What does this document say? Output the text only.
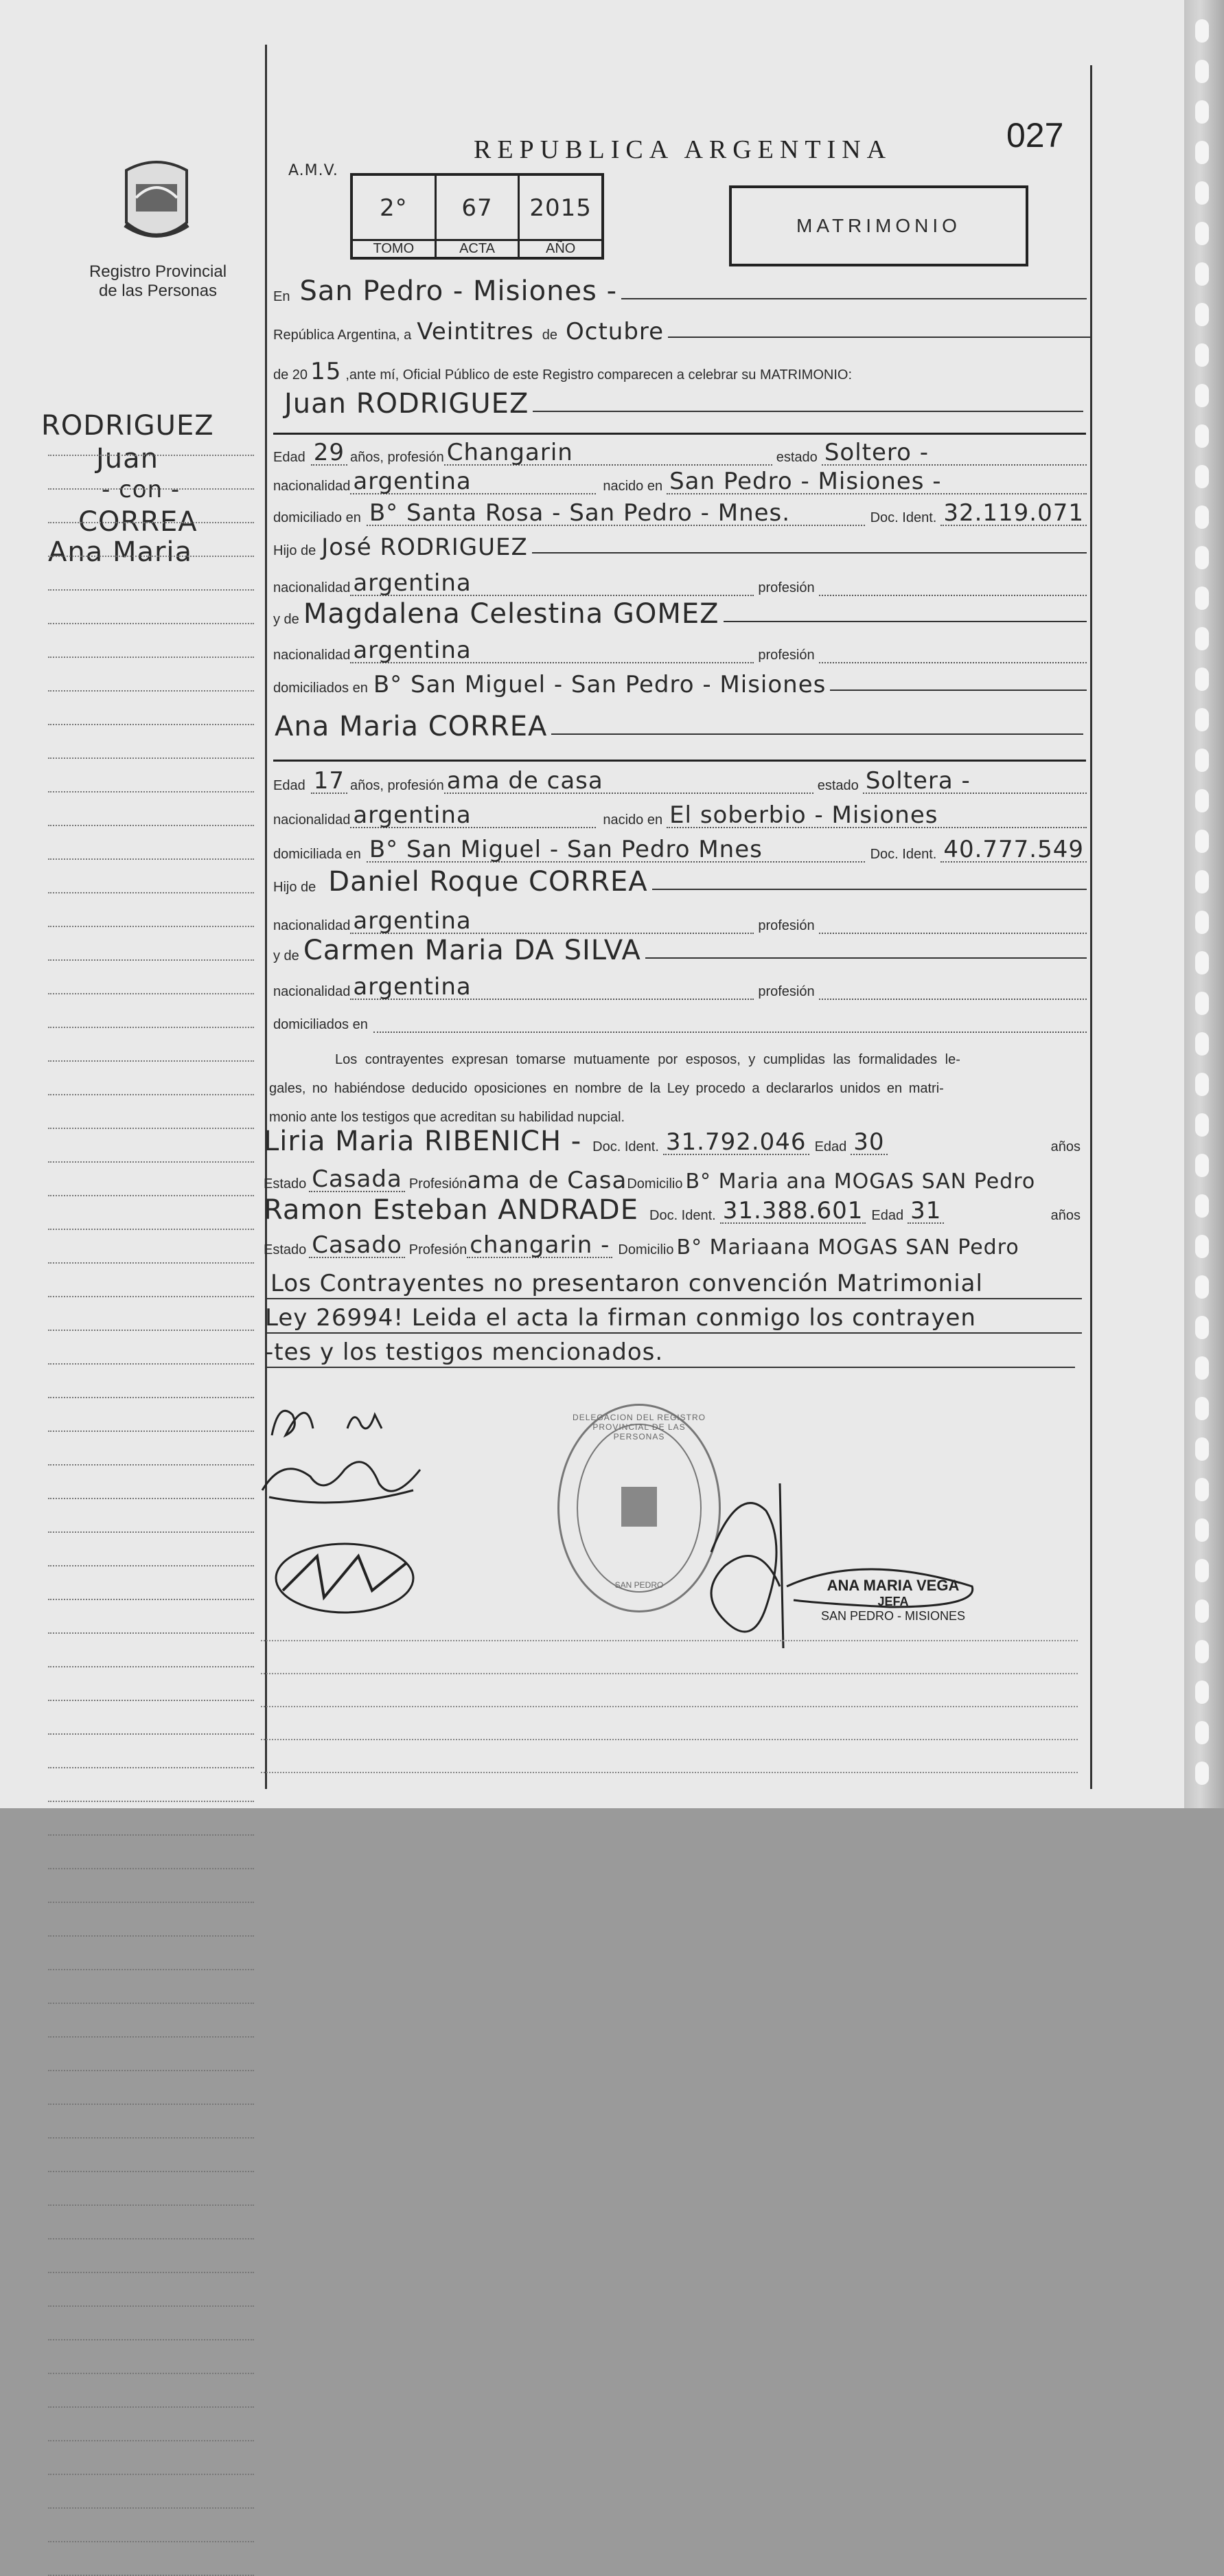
Registro Provincial
de las Personas
027
REPUBLICA ARGENTINA
A.M.V.
2°
TOMO
67
ACTA
2015
AÑO
MATRIMONIO
RODRIGUEZ
Juan
- con -
CORREA
Ana Maria
En San Pedro - Misiones -
República Argentina, a Veintitres de Octubre
de 20 15 ,ante mí, Oficial Público de este Registro comparecen a celebrar su MATRIMONIO:
Juan RODRIGUEZ
Edad 29 años, profesión Changarin	estado Soltero -
nacionalidad argentina	nacido en San Pedro - Misiones -
domiciliado en B° Santa Rosa - San Pedro - Mnes.	Doc. Ident. 32.119.071
Hijo de José RODRIGUEZ
nacionalidad argentina	profesión
y de Magdalena Celestina GOMEZ
nacionalidad argentina	profesión
domiciliados en B° San Miguel - San Pedro - Misiones
Ana Maria CORREA
Edad 17 años, profesión ama de casa	estado Soltera -
nacionalidad argentina	nacido en El soberbio - Misiones
domiciliada en B° San Miguel - San Pedro Mnes	Doc. Ident. 40.777.549
Hijo de Daniel Roque CORREA
nacionalidad argentina	profesión
y de Carmen Maria DA SILVA
nacionalidad argentina	profesión
domiciliados en
Los contrayentes expresan tomarse mutuamente por esposos, y cumplidas las formalidades le-
gales, no habiéndose deducido oposiciones en nombre de la Ley procedo a declararlos unidos en matri-
monio ante los testigos que acreditan su habilidad nupcial.
Liria Maria RIBENICH - Doc. Ident. 31.792.046 Edad 30	años
Estado Casada Profesión ama de Casa Domicilio B° Maria ana MOGAS SAN Pedro
Ramon Esteban ANDRADE Doc. Ident. 31.388.601 Edad 31	años
Estado Casado Profesión changarin - Domicilio B° Mariaana MOGAS SAN Pedro
Los Contrayentes no presentaron convención Matrimonial
Ley 26994! Leida el acta la firman conmigo los contrayen
-tes y los testigos mencionados.
DELEGACION DEL REGISTRO PROVINCIAL DE LAS PERSONAS
SAN PEDRO	ANA MARIA VEGA
JEFA
SAN PEDRO - MISIONES
